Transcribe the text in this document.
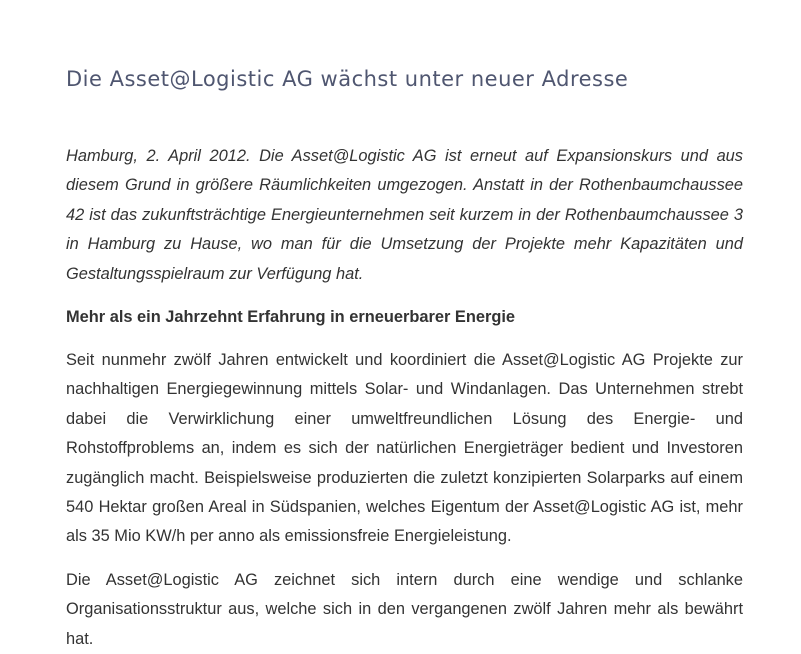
Die Asset@Logistic AG wächst unter neuer Adresse

Hamburg, 2. April 2012. Die Asset@Logistic AG ist erneut auf Expansionskurs und aus diesem Grund in größere Räumlichkeiten umgezogen. Anstatt in der Rothenbaumchaussee 42 ist das zukunftsträchtige Energieunternehmen seit kurzem in der Rothenbaumchaussee 3 in Hamburg zu Hause, wo man für die Umsetzung der Projekte mehr Kapazitäten und Gestaltungsspielraum zur Verfügung hat.

Mehr als ein Jahrzehnt Erfahrung in erneuerbarer Energie

Seit nunmehr zwölf Jahren entwickelt und koordiniert die Asset@Logistic AG Projekte zur nachhaltigen Energiegewinnung mittels Solar- und Windanlagen. Das Unternehmen strebt dabei die Verwirklichung einer umweltfreundlichen Lösung des Energie- und Rohstoffproblems an, indem es sich der natürlichen Energieträger bedient und Investoren zugänglich macht. Beispielsweise produzierten die zuletzt konzipierten Solarparks auf einem 540 Hektar großen Areal in Südspanien, welches Eigentum der Asset@Logistic AG ist, mehr als 35 Mio KW/h per anno als emissionsfreie Energieleistung.

Die Asset@Logistic AG zeichnet sich intern durch eine wendige und schlanke Organisationsstruktur aus, welche sich in den vergangenen zwölf Jahren mehr als bewährt hat.
